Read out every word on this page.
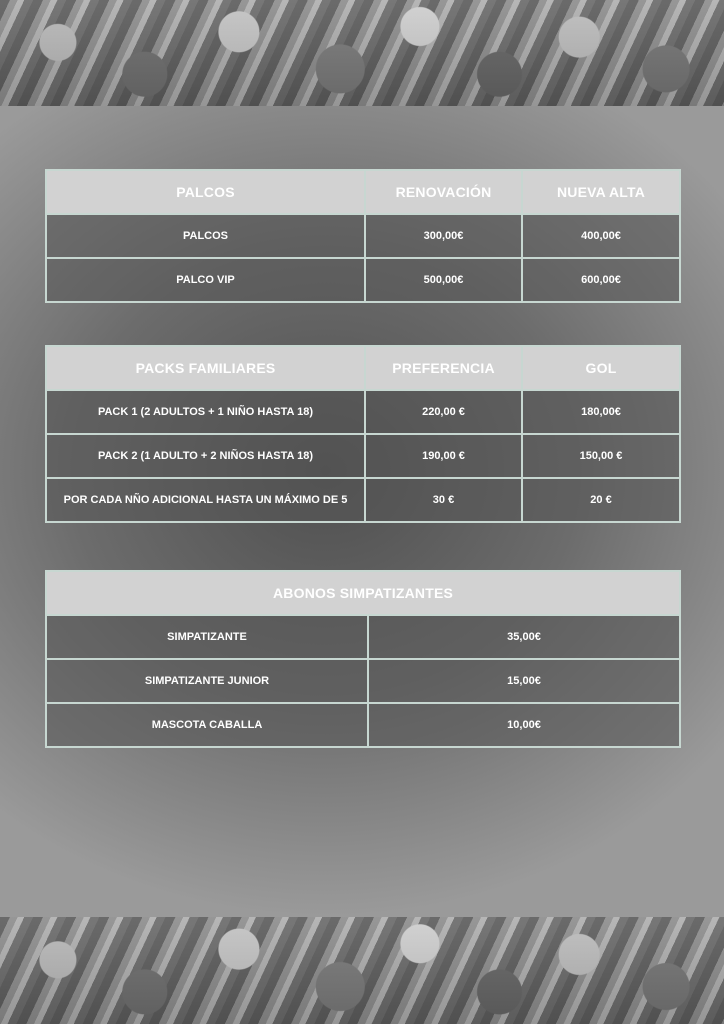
PALCOS	RENOVACIÓN	NUEVA ALTA
PALCOS	300,00€	400,00€
PALCO VIP	500,00€	600,00€
PACKS FAMILIARES	PREFERENCIA	GOL
PACK 1 (2 ADULTOS + 1 NIÑO HASTA 18)	220,00 €	180,00€
PACK 2 (1 ADULTO + 2 NIÑOS HASTA 18)	190,00 €	150,00 €
POR CADA NÑO ADICIONAL HASTA UN MÁXIMO DE 5	30 €	20 €
ABONOS SIMPATIZANTES	
SIMPATIZANTE	35,00€
SIMPATIZANTE JUNIOR	15,00€
MASCOTA CABALLA	10,00€
